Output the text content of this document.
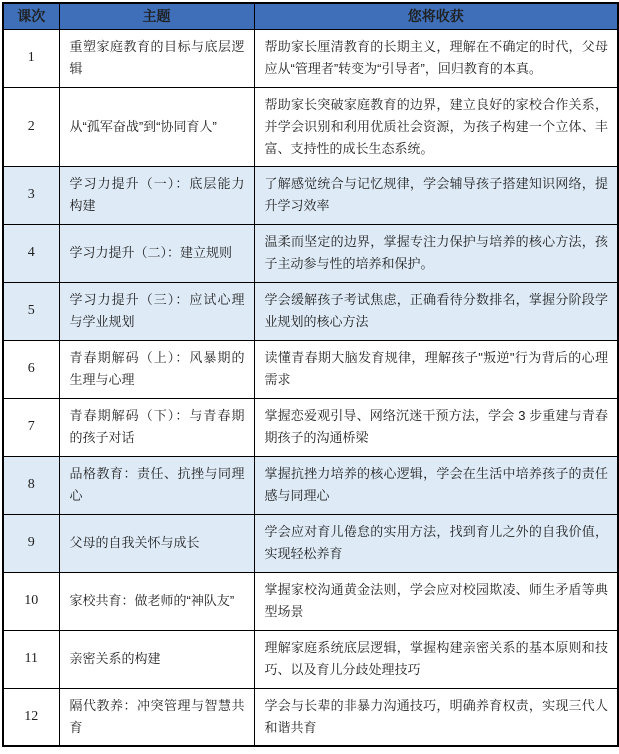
课次	主题	您将收获
1	重塑家庭教育的目标与底层逻辑	帮助家长厘清教育的长期主义，理解在不确定的时代，父母应从“管理者”转变为“引导者”，回归教育的本真。
2	从“孤军奋战”到“协同育人”	帮助家长突破家庭教育的边界，建立良好的家校合作关系，并学会识别和利用优质社会资源，为孩子构建一个立体、丰富、支持性的成长生态系统。
3	学习力提升（一）：底层能力构建	了解感觉统合与记忆规律，学会辅导孩子搭建知识网络，提升学习效率
4	学习力提升（二）：建立规则	温柔而坚定的边界，掌握专注力保护与培养的核心方法，孩子主动参与性的培养和保护。
5	学习力提升（三）：应试心理与学业规划	学会缓解孩子考试焦虑，正确看待分数排名，掌握分阶段学业规划的核心方法
6	青春期解码（上）：风暴期的生理与心理	读懂青春期大脑发育规律，理解孩子"叛逆"行为背后的心理需求
7	青春期解码（下）：与青春期的孩子对话	掌握恋爱观引导、网络沉迷干预方法，学会 3 步重建与青春期孩子的沟通桥梁
8	品格教育：责任、抗挫与同理心	掌握抗挫力培养的核心逻辑，学会在生活中培养孩子的责任感与同理心
9	父母的自我关怀与成长	学会应对育儿倦怠的实用方法，找到育儿之外的自我价值，实现轻松养育
10	家校共育：做老师的“神队友”	掌握家校沟通黄金法则，学会应对校园欺凌、师生矛盾等典型场景
11	亲密关系的构建	理解家庭系统底层逻辑，掌握构建亲密关系的基本原则和技巧、以及育儿分歧处理技巧
12	隔代教养：冲突管理与智慧共育	学会与长辈的非暴力沟通技巧，明确养育权责，实现三代人和谐共育
